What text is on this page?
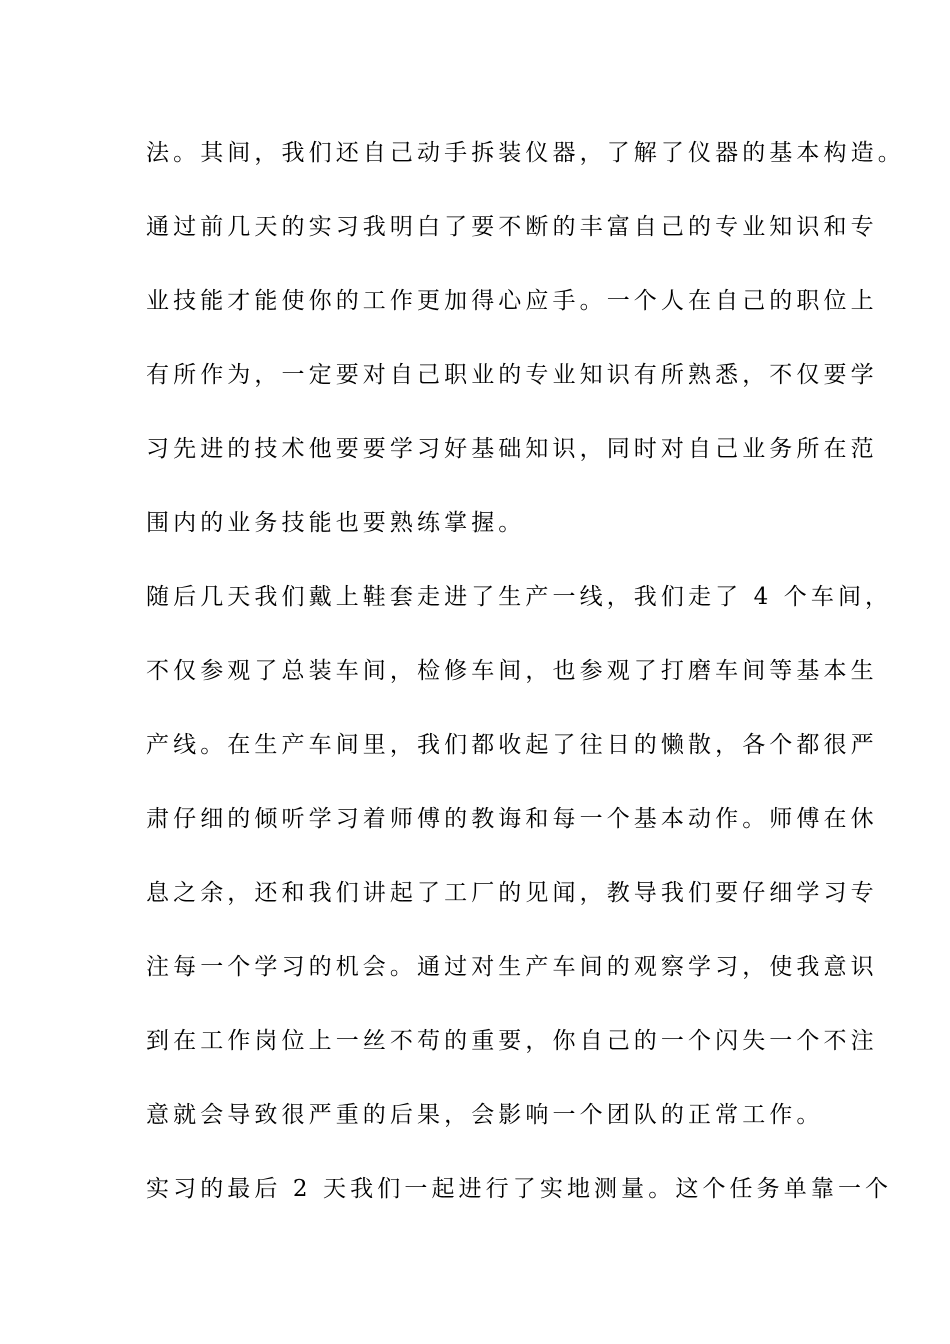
法。其间，我们还自己动手拆装仪器，了解了仪器的基本构造。
通过前几天的实习我明白了要不断的丰富自己的专业知识和专
业技能才能使你的工作更加得心应手。一个人在自己的职位上
有所作为，一定要对自己职业的专业知识有所熟悉，不仅要学
习先进的技术他要要学习好基础知识，同时对自己业务所在范
围内的业务技能也要熟练掌握。
随后几天我们戴上鞋套走进了生产一线，我们走了 4 个车间，
不仅参观了总装车间，检修车间，也参观了打磨车间等基本生
产线。在生产车间里，我们都收起了往日的懒散，各个都很严
肃仔细的倾听学习着师傅的教诲和每一个基本动作。师傅在休
息之余，还和我们讲起了工厂的见闻，教导我们要仔细学习专
注每一个学习的机会。通过对生产车间的观察学习，使我意识
到在工作岗位上一丝不苟的重要，你自己的一个闪失一个不注
意就会导致很严重的后果，会影响一个团队的正常工作。
实习的最后 2 天我们一起进行了实地测量。这个任务单靠一个
